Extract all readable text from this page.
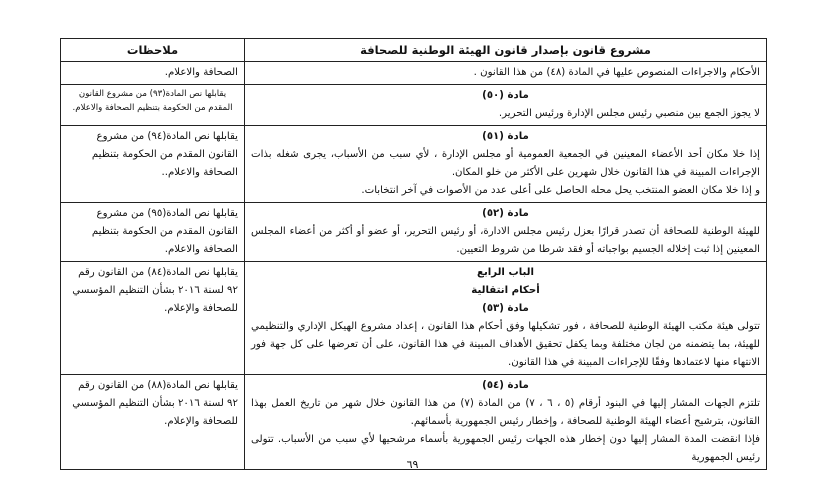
مشروع قانون بإصدار قانون الهيئة الوطنية للصحافة	ملاحظات

الأحكام والاجراءات المنصوص عليها في المادة (٤٨) من هذا القانون .	الصحافة والاعلام.

مادة (٥٠)
لا يجوز الجمع بين منصبي رئيس مجلس الإدارة ورئيس التحرير.	يقابلها نص المادة(٩٣) من مشروع القانون المقدم من الحكومة بتنظيم الصحافة والاعلام.

مادة (٥١)
إذا خلا مكان أحد الأعضاء المعينين في الجمعية العمومية أو مجلس الإدارة ، لأي سبب من الأسباب، يجرى شغله بذات الإجراءات المبينة في هذا القانون خلال شهرين على الأكثر من خلو المكان.
و إذا خلا مكان العضو المنتخب يحل محله الحاصل على أعلى عدد من الأصوات في آخر انتخابات.	يقابلها نص المادة(٩٤) من مشروع القانون المقدم من الحكومة بتنظيم الصحافة والاعلام..

مادة (٥٢)
للهيئة الوطنية للصحافة أن تصدر قرارًا بعزل رئيس مجلس الادارة، أو رئيس التحرير، أو عضو أو أكثر من أعضاء المجلس المعينين إذا ثبت إخلاله الجسيم بواجباته أو فقد شرطا من شروط التعيين.	يقابلها نص المادة(٩٥) من مشروع القانون المقدم من الحكومة بتنظيم الصحافة والاعلام.

الباب الرابع
أحكام انتقالية
مادة (٥٣)
تتولى هيئة مكتب الهيئة الوطنية للصحافة ، فور تشكيلها وفق أحكام هذا القانون ، إعداد مشروع الهيكل الإداري والتنظيمي للهيئة، بما يتضمنه من لجان مختلفة وبما يكفل تحقيق الأهداف المبينة في هذا القانون، على أن تعرضها على كل جهة فور الانتهاء منها لاعتمادها وفقًا للإجراءات المبينة في هذا القانون.	يقابلها نص المادة(٨٤) من القانون رقم ٩٢ لسنة ٢٠١٦ بشأن التنظيم المؤسسي للصحافة والإعلام.

مادة (٥٤)
تلتزم الجهات المشار إليها في البنود أرقام (٥ ، ٦ ، ٧) من المادة (٧) من هذا القانون خلال شهر من تاريخ العمل بهذا القانون، بترشيح أعضاء الهيئة الوطنية للصحافة ، وإخطار رئيس الجمهورية بأسمائهم.
فإذا انقضت المدة المشار إليها دون إخطار هذه الجهات رئيس الجمهورية بأسماء مرشحيها لأي سبب من الأسباب. تتولى رئيس الجمهورية	يقابلها نص المادة(٨٨) من القانون رقم ٩٢ لسنة ٢٠١٦ بشأن التنظيم المؤسسي للصحافة والإعلام.
٦٩
